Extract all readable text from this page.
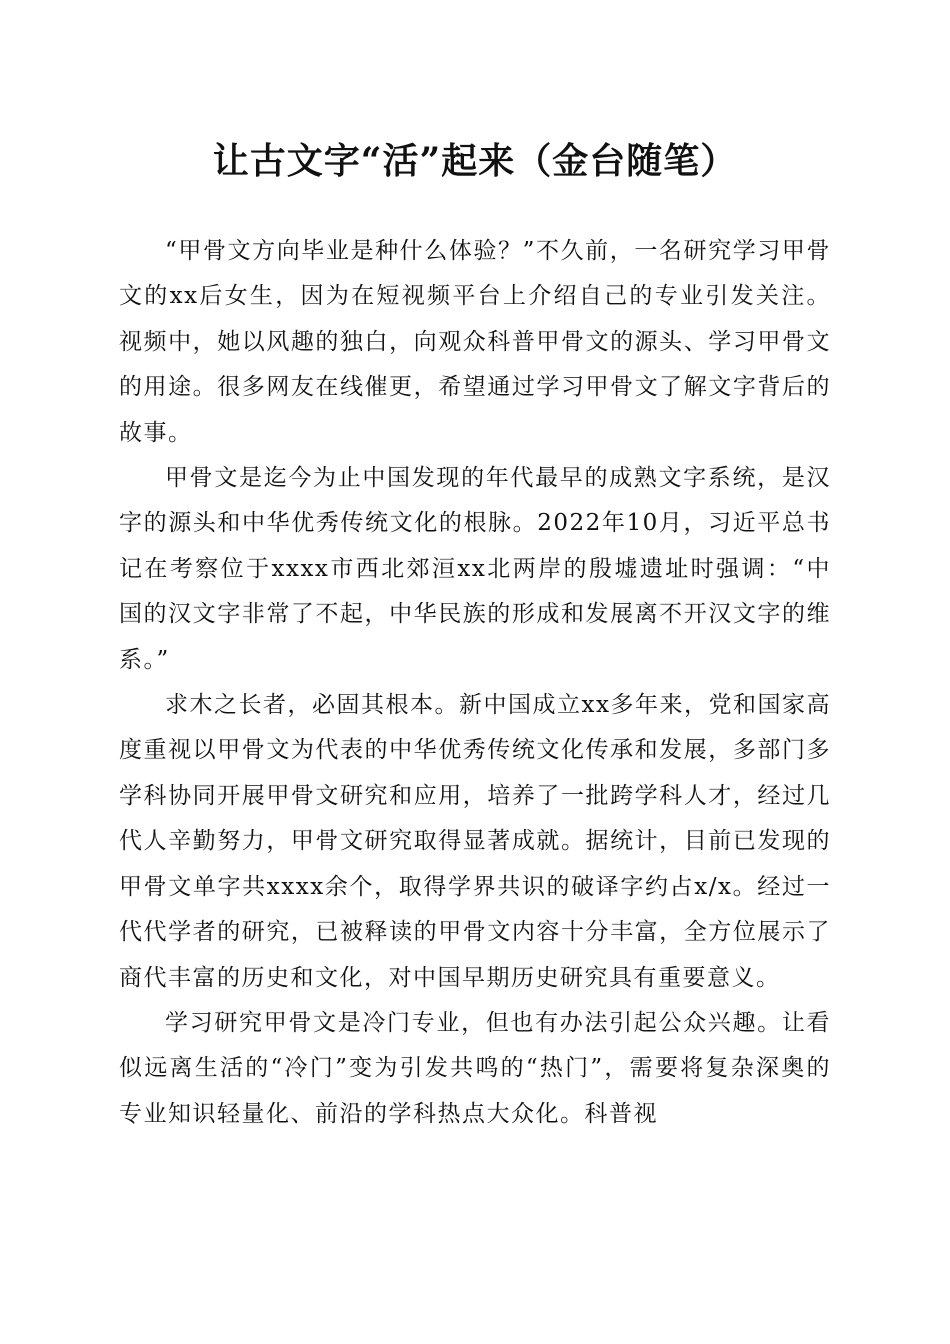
让古文字“活”起来（金台随笔）

“甲骨文方向毕业是种什么体验？”不久前，一名研究学习甲骨文的xx后女生，因为在短视频平台上介绍自己的专业引发关注。视频中，她以风趣的独白，向观众科普甲骨文的源头、学习甲骨文的用途。很多网友在线催更，希望通过学习甲骨文了解文字背后的故事。

甲骨文是迄今为止中国发现的年代最早的成熟文字系统，是汉字的源头和中华优秀传统文化的根脉。2022年10月，习近平总书记在考察位于xxxx市西北郊洹xx北两岸的殷墟遗址时强调：“中国的汉文字非常了不起，中华民族的形成和发展离不开汉文字的维系。”

求木之长者，必固其根本。新中国成立xx多年来，党和国家高度重视以甲骨文为代表的中华优秀传统文化传承和发展，多部门多学科协同开展甲骨文研究和应用，培养了一批跨学科人才，经过几代人辛勤努力，甲骨文研究取得显著成就。据统计，目前已发现的甲骨文单字共xxxx余个，取得学界共识的破译字约占x/x。经过一代代学者的研究，已被释读的甲骨文内容十分丰富，全方位展示了商代丰富的历史和文化，对中国早期历史研究具有重要意义。

学习研究甲骨文是冷门专业，但也有办法引起公众兴趣。让看似远离生活的“冷门”变为引发共鸣的“热门”，需要将复杂深奥的专业知识轻量化、前沿的学科热点大众化。科普视
